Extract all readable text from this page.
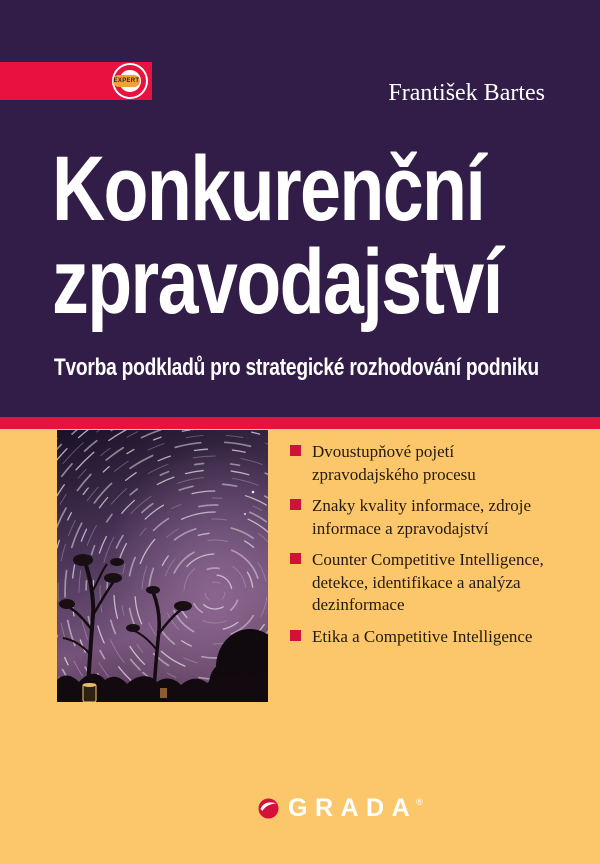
EXPERT	František Bartes
Konkurenční
zpravodajství
Tvorba podkladů pro strategické rozhodování podniku
Dvoustupňové pojetí
zpravodajského procesu
Znaky kvality informace, zdroje
informace a zpravodajství
Counter Competitive Intelligence,
detekce, identifikace a analýza
dezinformace
Etika a Competitive Intelligence
GRADA ®
